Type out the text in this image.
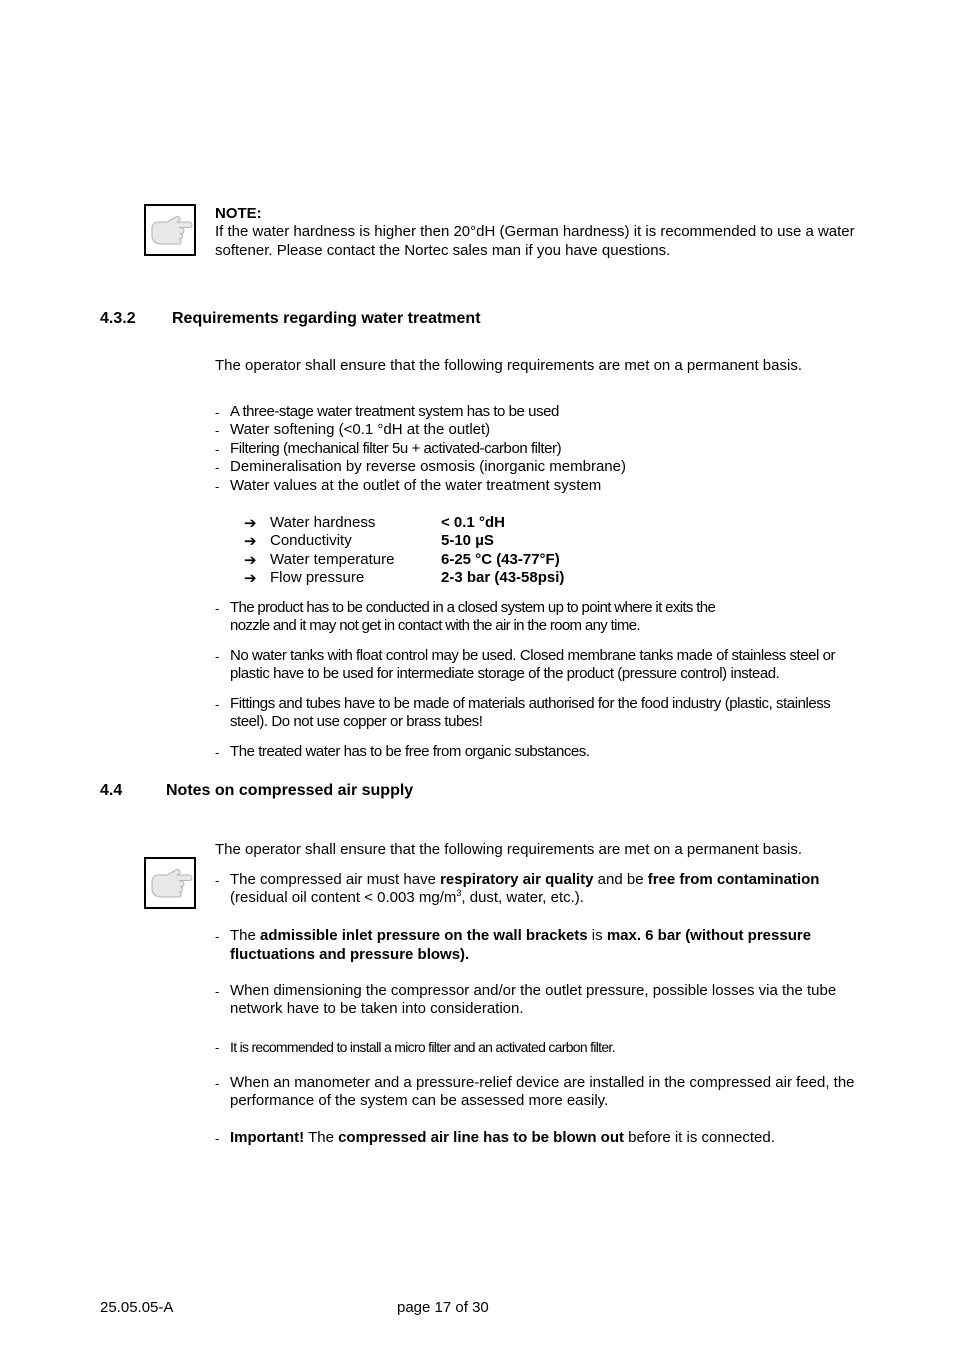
NOTE:
If the water hardness is higher then 20°dH (German hardness) it is recommended to use a water
softener. Please contact the Nortec sales man if you have questions.
4.3.2 Requirements regarding water treatment
The operator shall ensure that the following requirements are met on a permanent basis.
- A three-stage water treatment system has to be used
- Water softening (<0.1 °dH at the outlet)
- Filtering (mechanical filter 5u + activated-carbon filter)
- Demineralisation by reverse osmosis (inorganic membrane)
- Water values at the outlet of the water treatment system
➔ Water hardness	< 0.1 °dH
➔ Conductivity	5-10 µS
➔ Water temperature	6-25 °C (43-77°F)
➔ Flow pressure	2-3 bar (43-58psi)
- The product has to be conducted in a closed system up to point where it exits the
nozzle and it may not get in contact with the air in the room any time.
- No water tanks with float control may be used. Closed membrane tanks made of stainless steel or
plastic have to be used for intermediate storage of the product (pressure control) instead.
- Fittings and tubes have to be made of materials authorised for the food industry (plastic, stainless
steel). Do not use copper or brass tubes!
- The treated water has to be free from organic substances.
4.4	Notes on compressed air supply
The operator shall ensure that the following requirements are met on a permanent basis.
- The compressed air must have respiratory air quality and be free from contamination
(residual oil content < 0.003 $mg/m^3$, dust, water, etc.).
- The admissible inlet pressure on the wall brackets is max. 6 bar (without pressure
fluctuations and pressure blows).
- When dimensioning the compressor and/or the outlet pressure, possible losses via the tube
network have to be taken into consideration.
- It is recommended to install a micro filter and an activated carbon filter.
- When an manometer and a pressure-relief device are installed in the compressed air feed, the
performance of the system can be assessed more easily.
- Important! The compressed air line has to be blown out before it is connected.
25.05.05-A	page 17 of 30
